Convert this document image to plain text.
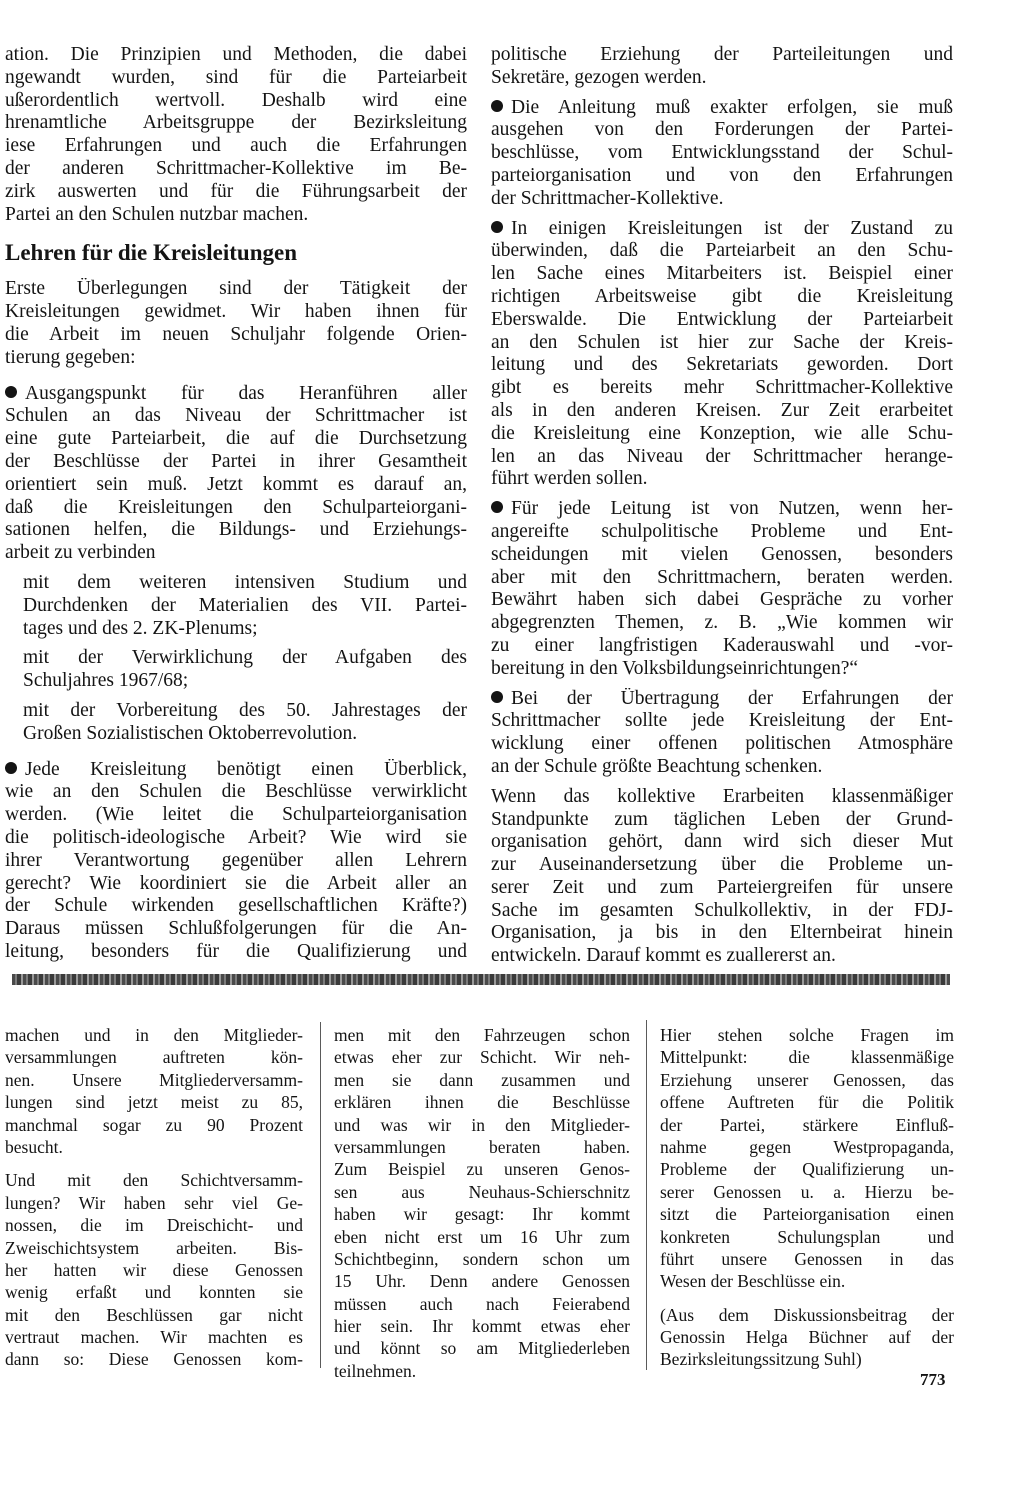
ation. Die Prinzipien und Methoden, die dabei
ngewandt wurden, sind für die Parteiarbeit
ußerordentlich wertvoll. Deshalb wird eine
hrenamtliche Arbeitsgruppe der Bezirksleitung
iese Erfahrungen und auch die Erfahrungen
der anderen Schrittmacher-Kollektive im Be-
zirk auswerten und für die Führungsarbeit der
Partei an den Schulen nutzbar machen.
Lehren für die Kreisleitungen
Erste Überlegungen sind der Tätigkeit der
Kreisleitungen gewidmet. Wir haben ihnen für
die Arbeit im neuen Schuljahr folgende Orien-
tierung gegeben:
Ausgangspunkt für das Heranführen aller
Schulen an das Niveau der Schrittmacher ist
eine gute Parteiarbeit, die auf die Durchsetzung
der Beschlüsse der Partei in ihrer Gesamtheit
orientiert sein muß. Jetzt kommt es darauf an,
daß die Kreisleitungen den Schulparteiorgani-
sationen helfen, die Bildungs- und Erziehungs-
arbeit zu verbinden
mit dem weiteren intensiven Studium und
Durchdenken der Materialien des VII. Partei-
tages und des 2. ZK-Plenums;
mit der Verwirklichung der Aufgaben des
Schuljahres 1967/68;
mit der Vorbereitung des 50. Jahrestages der
Großen Sozialistischen Oktoberrevolution.
Jede Kreisleitung benötigt einen Überblick,
wie an den Schulen die Beschlüsse verwirklicht
werden. (Wie leitet die Schulparteiorganisation
die politisch-ideologische Arbeit? Wie wird sie
ihrer Verantwortung gegenüber allen Lehrern
gerecht? Wie koordiniert sie die Arbeit aller an
der Schule wirkenden gesellschaftlichen Kräfte?)
Daraus müssen Schlußfolgerungen für die An-
leitung, besonders für die Qualifizierung und
politische Erziehung der Parteileitungen und
Sekretäre, gezogen werden.
Die Anleitung muß exakter erfolgen, sie muß
ausgehen von den Forderungen der Partei-
beschlüsse, vom Entwicklungsstand der Schul-
parteiorganisation und von den Erfahrungen
der Schrittmacher-Kollektive.
In einigen Kreisleitungen ist der Zustand zu
überwinden, daß die Parteiarbeit an den Schu-
len Sache eines Mitarbeiters ist. Beispiel einer
richtigen Arbeitsweise gibt die Kreisleitung
Eberswalde. Die Entwicklung der Parteiarbeit
an den Schulen ist hier zur Sache der Kreis-
leitung und des Sekretariats geworden. Dort
gibt es bereits mehr Schrittmacher-Kollektive
als in den anderen Kreisen. Zur Zeit erarbeitet
die Kreisleitung eine Konzeption, wie alle Schu-
len an das Niveau der Schrittmacher herange-
führt werden sollen.
Für jede Leitung ist von Nutzen, wenn her-
angereifte schulpolitische Probleme und Ent-
scheidungen mit vielen Genossen, besonders
aber mit den Schrittmachern, beraten werden.
Bewährt haben sich dabei Gespräche zu vorher
abgegrenzten Themen, z. B. „Wie kommen wir
zu einer langfristigen Kaderauswahl und -vor-
bereitung in den Volksbildungseinrichtungen?“
Bei der Übertragung der Erfahrungen der
Schrittmacher sollte jede Kreisleitung der Ent-
wicklung einer offenen politischen Atmosphäre
an der Schule größte Beachtung schenken.
Wenn das kollektive Erarbeiten klassenmäßiger
Standpunkte zum täglichen Leben der Grund-
organisation gehört, dann wird sich dieser Mut
zur Auseinandersetzung über die Probleme un-
serer Zeit und zum Parteiergreifen für unsere
Sache im gesamten Schulkollektiv, in der FDJ-
Organisation, ja bis in den Elternbeirat hinein
entwickeln. Darauf kommt es zuallererst an.
machen und in den Mitglieder-
versammlungen auftreten kön-
nen. Unsere Mitgliederversamm-
lungen sind jetzt meist zu 85,
manchmal sogar zu 90 Prozent
besucht.
Und mit den Schichtversamm-
lungen? Wir haben sehr viel Ge-
nossen, die im Dreischicht- und
Zweischichtsystem arbeiten. Bis-
her hatten wir diese Genossen
wenig erfaßt und konnten sie
mit den Beschlüssen gar nicht
vertraut machen. Wir machten es
dann so: Diese Genossen kom-
men mit den Fahrzeugen schon
etwas eher zur Schicht. Wir neh-
men sie dann zusammen und
erklären ihnen die Beschlüsse
und was wir in den Mitglieder-
versammlungen beraten haben.
Zum Beispiel zu unseren Genos-
sen aus Neuhaus-Schierschnitz
haben wir gesagt: Ihr kommt
eben nicht erst um 16 Uhr zum
Schichtbeginn, sondern schon um
15 Uhr. Denn andere Genossen
müssen auch nach Feierabend
hier sein. Ihr kommt etwas eher
und könnt so am Mitgliederleben
teilnehmen.
Hier stehen solche Fragen im
Mittelpunkt: die klassenmäßige
Erziehung unserer Genossen, das
offene Auftreten für die Politik
der Partei, stärkere Einfluß-
nahme gegen Westpropaganda,
Probleme der Qualifizierung un-
serer Genossen u. a. Hierzu be-
sitzt die Parteiorganisation einen
konkreten Schulungsplan und
führt unsere Genossen in das
Wesen der Beschlüsse ein.
(Aus dem Diskussionsbeitrag der
Genossin Helga Büchner auf der
Bezirksleitungssitzung Suhl)
773
